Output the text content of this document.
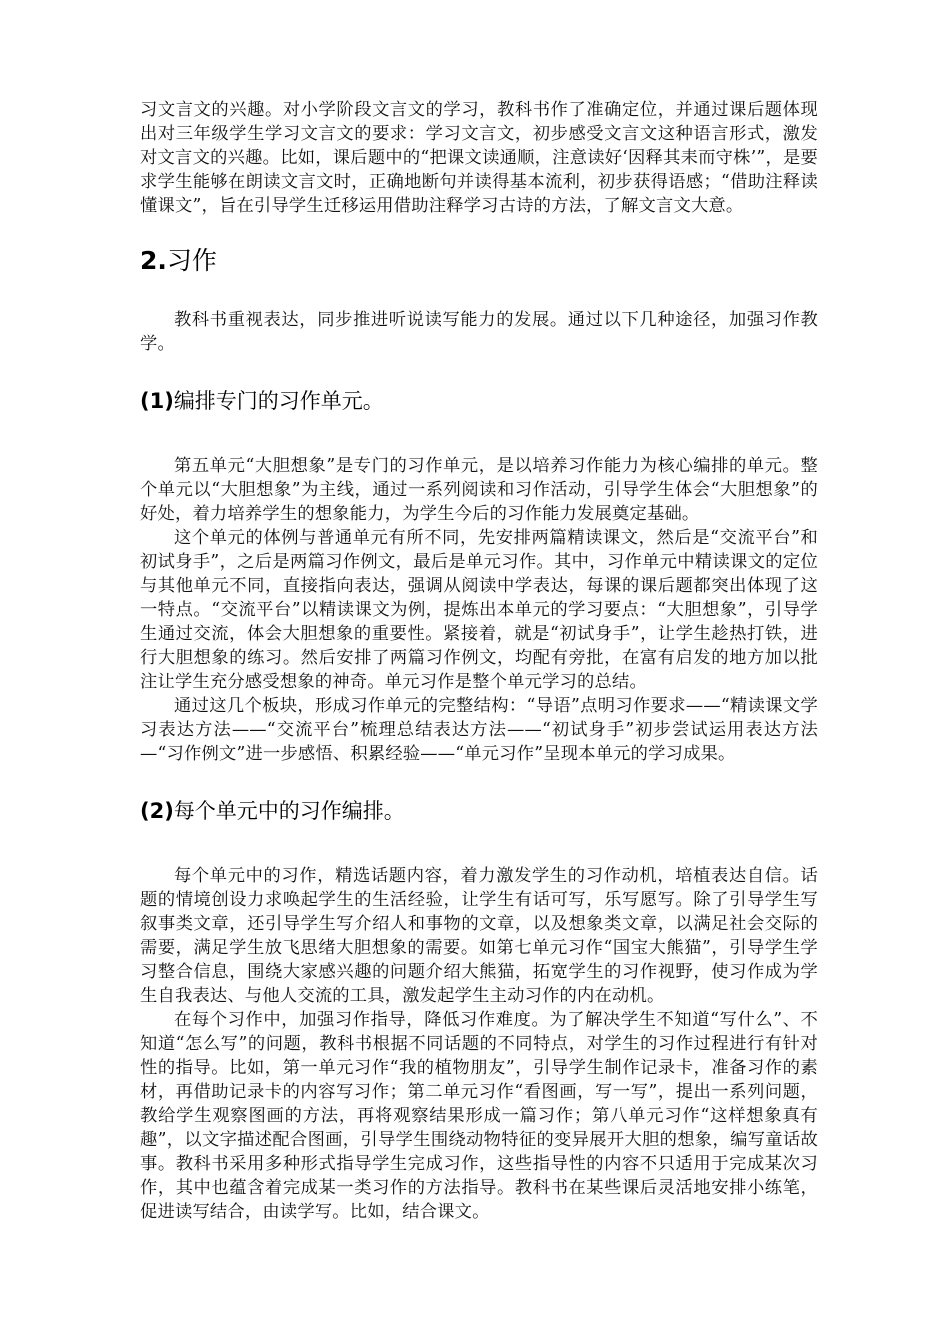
习文言文的兴趣。对小学阶段文言文的学习，教科书作了准确定位，并通过课后题体现出对三年级学生学习文言文的要求：学习文言文，初步感受文言文这种语言形式，激发对文言文的兴趣。比如，课后题中的“把课文读通顺，注意读好‘因释其耒而守株’”，是要求学生能够在朗读文言文时，正确地断句并读得基本流利，初步获得语感；“借助注释读懂课文”，旨在引导学生迁移运用借助注释学习古诗的方法，了解文言文大意。

2.习作

教科书重视表达，同步推进听说读写能力的发展。通过以下几种途径，加强习作教学。

(1)编排专门的习作单元。

第五单元“大胆想象”是专门的习作单元，是以培养习作能力为核心编排的单元。整个单元以“大胆想象”为主线，通过一系列阅读和习作活动，引导学生体会“大胆想象”的好处，着力培养学生的想象能力，为学生今后的习作能力发展奠定基础。

这个单元的体例与普通单元有所不同，先安排两篇精读课文，然后是“交流平台”和初试身手”，之后是两篇习作例文，最后是单元习作。其中，习作单元中精读课文的定位与其他单元不同，直接指向表达，强调从阅读中学表达，每课的课后题都突出体现了这一特点。“交流平台”以精读课文为例，提炼出本单元的学习要点：“大胆想象”，引导学生通过交流，体会大胆想象的重要性。紧接着，就是“初试身手”，让学生趁热打铁，进行大胆想象的练习。然后安排了两篇习作例文，均配有旁批，在富有启发的地方加以批注让学生充分感受想象的神奇。单元习作是整个单元学习的总结。

通过这几个板块，形成习作单元的完整结构：“导语”点明习作要求——“精读课文学习表达方法——“交流平台”梳理总结表达方法——“初试身手”初步尝试运用表达方法—“习作例文”进一步感悟、积累经验——“单元习作”呈现本单元的学习成果。

(2)每个单元中的习作编排。

每个单元中的习作，精选话题内容，着力激发学生的习作动机，培植表达自信。话题的情境创设力求唤起学生的生活经验，让学生有话可写，乐写愿写。除了引导学生写叙事类文章，还引导学生写介绍人和事物的文章，以及想象类文章，以满足社会交际的需要，满足学生放飞思绪大胆想象的需要。如第七单元习作“国宝大熊猫”，引导学生学习整合信息，围绕大家感兴趣的问题介绍大熊猫，拓宽学生的习作视野，使习作成为学生自我表达、与他人交流的工具，激发起学生主动习作的内在动机。

在每个习作中，加强习作指导，降低习作难度。为了解决学生不知道“写什么”、不知道“怎么写”的问题，教科书根据不同话题的不同特点，对学生的习作过程进行有针对性的指导。比如，第一单元习作“我的植物朋友”，引导学生制作记录卡，准备习作的素材，再借助记录卡的内容写习作；第二单元习作“看图画，写一写”，提出一系列问题，教给学生观察图画的方法，再将观察结果形成一篇习作；第八单元习作“这样想象真有趣”，以文字描述配合图画，引导学生围绕动物特征的变异展开大胆的想象，编写童话故事。教科书采用多种形式指导学生完成习作，这些指导性的内容不只适用于完成某次习作，其中也蕴含着完成某一类习作的方法指导。教科书在某些课后灵活地安排小练笔，促进读写结合，由读学写。比如，结合课文。
